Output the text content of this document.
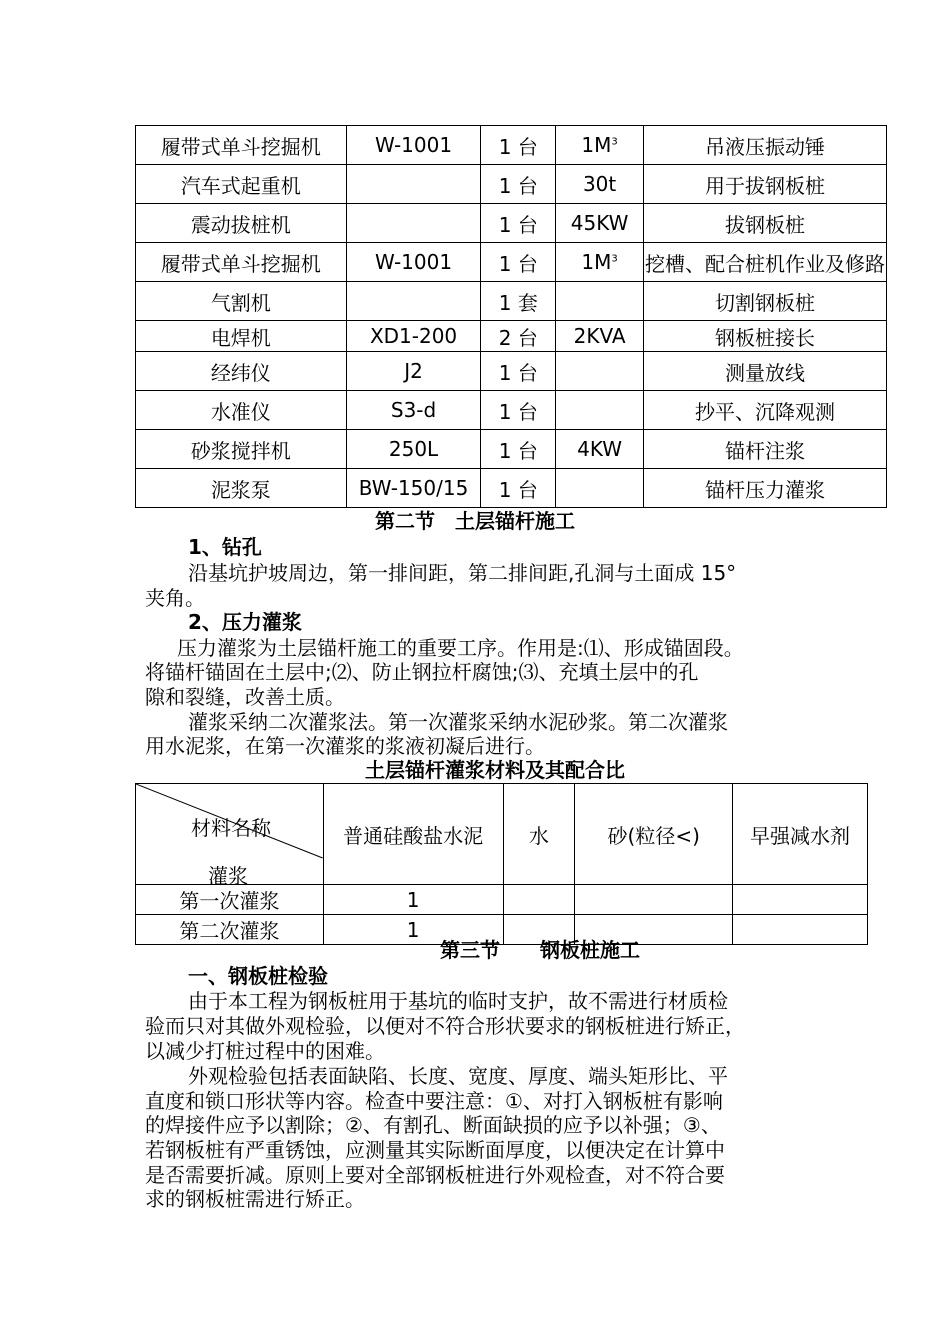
履带式单斗挖掘机	W-1001	1 台	$1M^3$	吊液压振动锤
汽车式起重机		1 台	30t	用于拔钢板桩
震动拔桩机		1 台	45KW	拔钢板桩
履带式单斗挖掘机	W-1001	1 台	$1M^3$	挖槽、配合桩机作业及修路
气割机		1 套		切割钢板桩
电焊机	XD1-200	2 台	2KVA	钢板桩接长
经纬仪	J2	1 台		测量放线
水准仪	S3-d	1 台		抄平、沉降观测
砂浆搅拌机	250L	1 台	4KW	锚杆注浆
泥浆泵	BW-150/15	1 台		锚杆压力灌浆
第二节　土层锚杆施工
1、钻孔
沿基坑护坡周边，第一排间距，第二排间距,孔洞与土面成 15°
夹角。
2、压力灌浆
压力灌浆为土层锚杆施工的重要工序。作用是:⑴、形成锚固段。
将锚杆锚固在土层中;⑵、防止钢拉杆腐蚀;⑶、充填土层中的孔
隙和裂缝，改善土质。
灌浆采纳二次灌浆法。第一次灌浆采纳水泥砂浆。第二次灌浆
用水泥浆，在第一次灌浆的浆液初凝后进行。
土层锚杆灌浆材料及其配合比
材料名称
灌浆	普通硅酸盐水泥	水	砂(粒径<)	早强减水剂
第一次灌浆	1			
第二次灌浆	1			
第三节　　钢板桩施工
一、钢板桩检验
由于本工程为钢板桩用于基坑的临时支护，故不需进行材质检
验而只对其做外观检验，以便对不符合形状要求的钢板桩进行矫正，
以减少打桩过程中的困难。
外观检验包括表面缺陷、长度、宽度、厚度、端头矩形比、平
直度和锁口形状等内容。检查中要注意：①、对打入钢板桩有影响
的焊接件应予以割除；②、有割孔、断面缺损的应予以补强；③、
若钢板桩有严重锈蚀，应测量其实际断面厚度，以便决定在计算中
是否需要折减。原则上要对全部钢板桩进行外观检查，对不符合要
求的钢板桩需进行矫正。
